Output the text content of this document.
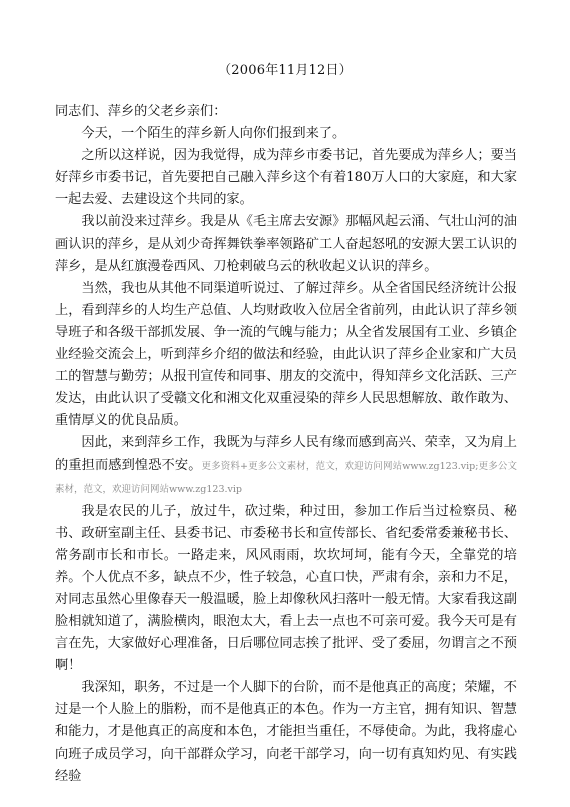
（2006年11月12日）

同志们、萍乡的父老乡亲们：

今天，一个陌生的萍乡新人向你们报到来了。

之所以这样说，因为我觉得，成为萍乡市委书记，首先要成为萍乡人；要当好萍乡市委书记，首先要把自己融入萍乡这个有着180万人口的大家庭，和大家一起去爱、去建设这个共同的家。

我以前没来过萍乡。我是从《毛主席去安源》那幅风起云涌、气壮山河的油画认识的萍乡，是从刘少奇挥舞铁拳率领路矿工人奋起怒吼的安源大罢工认识的萍乡，是从红旗漫卷西风、刀枪剌破乌云的秋收起义认识的萍乡。

当然，我也从其他不同渠道听说过、了解过萍乡。从全省国民经济统计公报上，看到萍乡的人均生产总值、人均财政收入位居全省前列，由此认识了萍乡领导班子和各级干部抓发展、争一流的气魄与能力；从全省发展国有工业、乡镇企业经验交流会上，听到萍乡介绍的做法和经验，由此认识了萍乡企业家和广大员工的智慧与勤劳；从报刊宣传和同事、朋友的交流中，得知萍乡文化活跃、三产发达，由此认识了受赣文化和湘文化双重浸染的萍乡人民思想解放、敢作敢为、重情厚义的优良品质。

因此，来到萍乡工作，我既为与萍乡人民有缘而感到高兴、荣幸，又为肩上的重担而感到惶恐不安。更多资料+更多公文素材，范文，欢迎访问网站www.zg123.vip;更多公文素材，范文，欢迎访问网站www.zg123.vip

我是农民的儿子，放过牛，砍过柴，种过田，参加工作后当过检察员、秘书、政研室副主任、县委书记、市委秘书长和宣传部长、省纪委常委兼秘书长、常务副市长和市长。一路走来，风风雨雨，坎坎坷坷，能有今天，全靠党的培养。个人优点不多，缺点不少，性子较急，心直口快，严肃有余，亲和力不足，对同志虽然心里像春天一般温暖，脸上却像秋风扫落叶一般无情。大家看我这副脸相就知道了，满脸横肉，眼泡太大，看上去一点也不可亲可爱。我今天可是有言在先，大家做好心理准备，日后哪位同志挨了批评、受了委屈，勿谓言之不预啊！

我深知，职务，不过是一个人脚下的台阶，而不是他真正的高度；荣耀，不过是一个人脸上的脂粉，而不是他真正的本色。作为一方主官，拥有知识、智慧和能力，才是他真正的高度和本色，才能担当重任，不辱使命。为此，我将虚心向班子成员学习，向干部群众学习，向老干部学习，向一切有真知灼见、有实践经验
